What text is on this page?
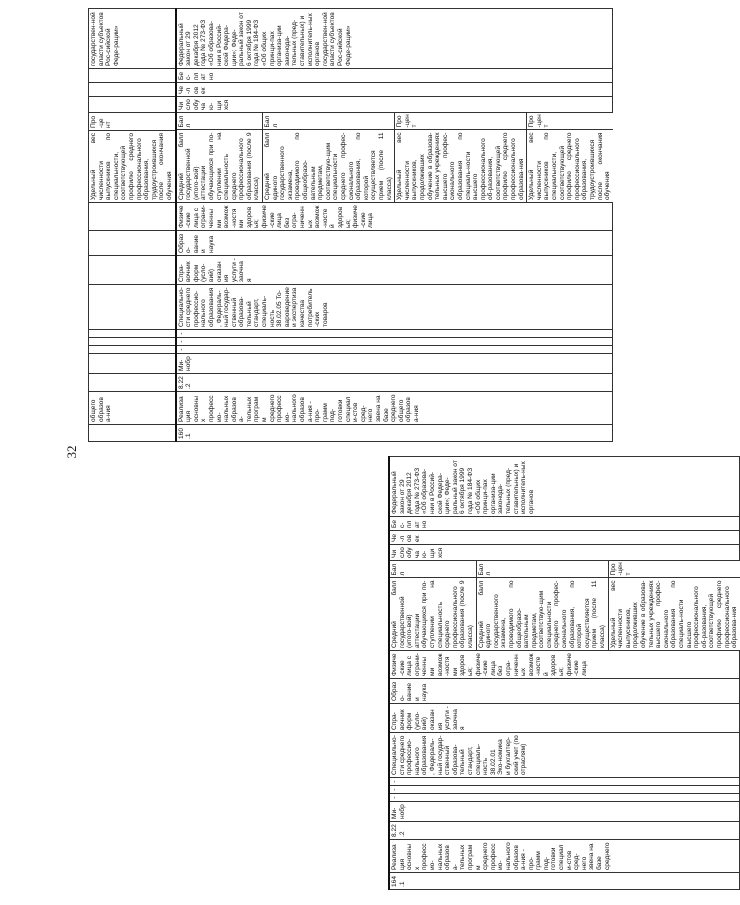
32
	общего образова-ния										Удельный вес численности выпускников по специальности, соответствующей профилю среднего профессионального образования, трудоустроившихся после окончания обучения	Про-цент				государствен-ной власти субъектов Рос-сийской Феде-рации»
160.1	Реализация основных профессио-нальных образова-тельных программ среднего профессио-нального образова-ния - про-грамм под-готовки специали-стов сред-него звена на базе среднего общего образова-ния	8.22.2	Ми-нобр	-	-	-	Специально-сти среднего профессио-нального образования, Федераль-ный государ-ственный образова-тельный стандарт, специаль-ность 38.02.05 То-вароведение и экспертиза качества потребитель-ских товаров	Спра-вочник форм (усло-вий) оказания услуги - заочная	Образо-вание и наука	Физиче-ские лица с ограни-ченными возмож-ностями здоровья; физиче-ские лица без огра-ниченных возмож-ностей здоровья; физиче-ские лица	
Средний балл государственной (итого-вой) аттестации обучающихся при по-ступлении на специальность среднего профессионального образования (после 9 класса)	Балл
Средний балл единого государственного экзамена, проводимого по общеобразо-вательным предметам, соответствую-щим специальности среднего профес-сионального образования, по которой осуществляется прием (после 11 класса)	Балл
Удельный вес численности выпускников, продолживших обучение в образова-тельных учреждениях высшего профес-сионального образования по специаль-ности высшего профессионального об-разования, соответствующей профилю среднего профессионального образова-ния	Про-цент
Удельный вес численности выпускников по специальности, соответствующей профилю среднего профессионального образования, трудоустроившихся после окончания обучения	Про-цент
	Число обучаю-щихся	Че-ловек	Бес-платно	Федеральный закон от 29 декабря 2012 года № 273-ФЗ «Об образова-нии в Россий-ской Федера-ции»; Феде-ральный закон от 6 октября 1999 года № 184-ФЗ «Об общих принци-пах организа-ции законода-тельных (пред-ставительных) и исполнитель-ных органов государствен-ной власти субъектов Рос-сийской Феде-рации»
164.1	Реализация основных профессио-нальных образова-тельных программ среднего профессио-нального образова-ния - про-грамм под-готовки специали-стов сред-него звена на базе среднего	8.22.2	Ми-нобр	-	-	-	Специально-сти среднего профессио-нального образования, Федераль-ный государ-ственный образова-тельный стандарт, специаль-ность 38.02.01 Эко-номика и бухгалтер-ский учет (по отраслям)	Спра-вочник форм (усло-вий) оказания услуги - заочная	Образо-вание и наука	Физиче-ские лица с ограни-ченными возмож-ностями здоровья; физиче-ские лица без огра-ниченных возмож-ностей здоровья; физиче-ские лица	
Средний балл государственной (итого-вой) аттестации обучающихся при по-ступлении на специальность среднего профессионального образования (после 9 класса)	Балл
Средний балл единого государственного экзамена, проводимого по общеобразо-вательным предметам, соответствую-щим специальности среднего профес-сионального образования, по которой осуществляется прием (после 11 класса)	Балл
Удельный вес численности выпускников, продолживших обучение в образова-тельных учреждениях высшего профес-сионального образования по специаль-ности высшего профессионального об-разования, соответствующей профилю среднего профессионального образова-ния	Про-цент
	Число обучаю-щихся	Че-ловек	Бес-платно	Федеральный закон от 29 декабря 2012 года № 273-ФЗ «Об образова-нии в Россий-ской Федера-ции»; Феде-ральный закон от 6 октября 1999 года № 184-ФЗ «Об общих принци-пах организа-ции законода-тельных (пред-ставительных) и исполнитель-ных органов
